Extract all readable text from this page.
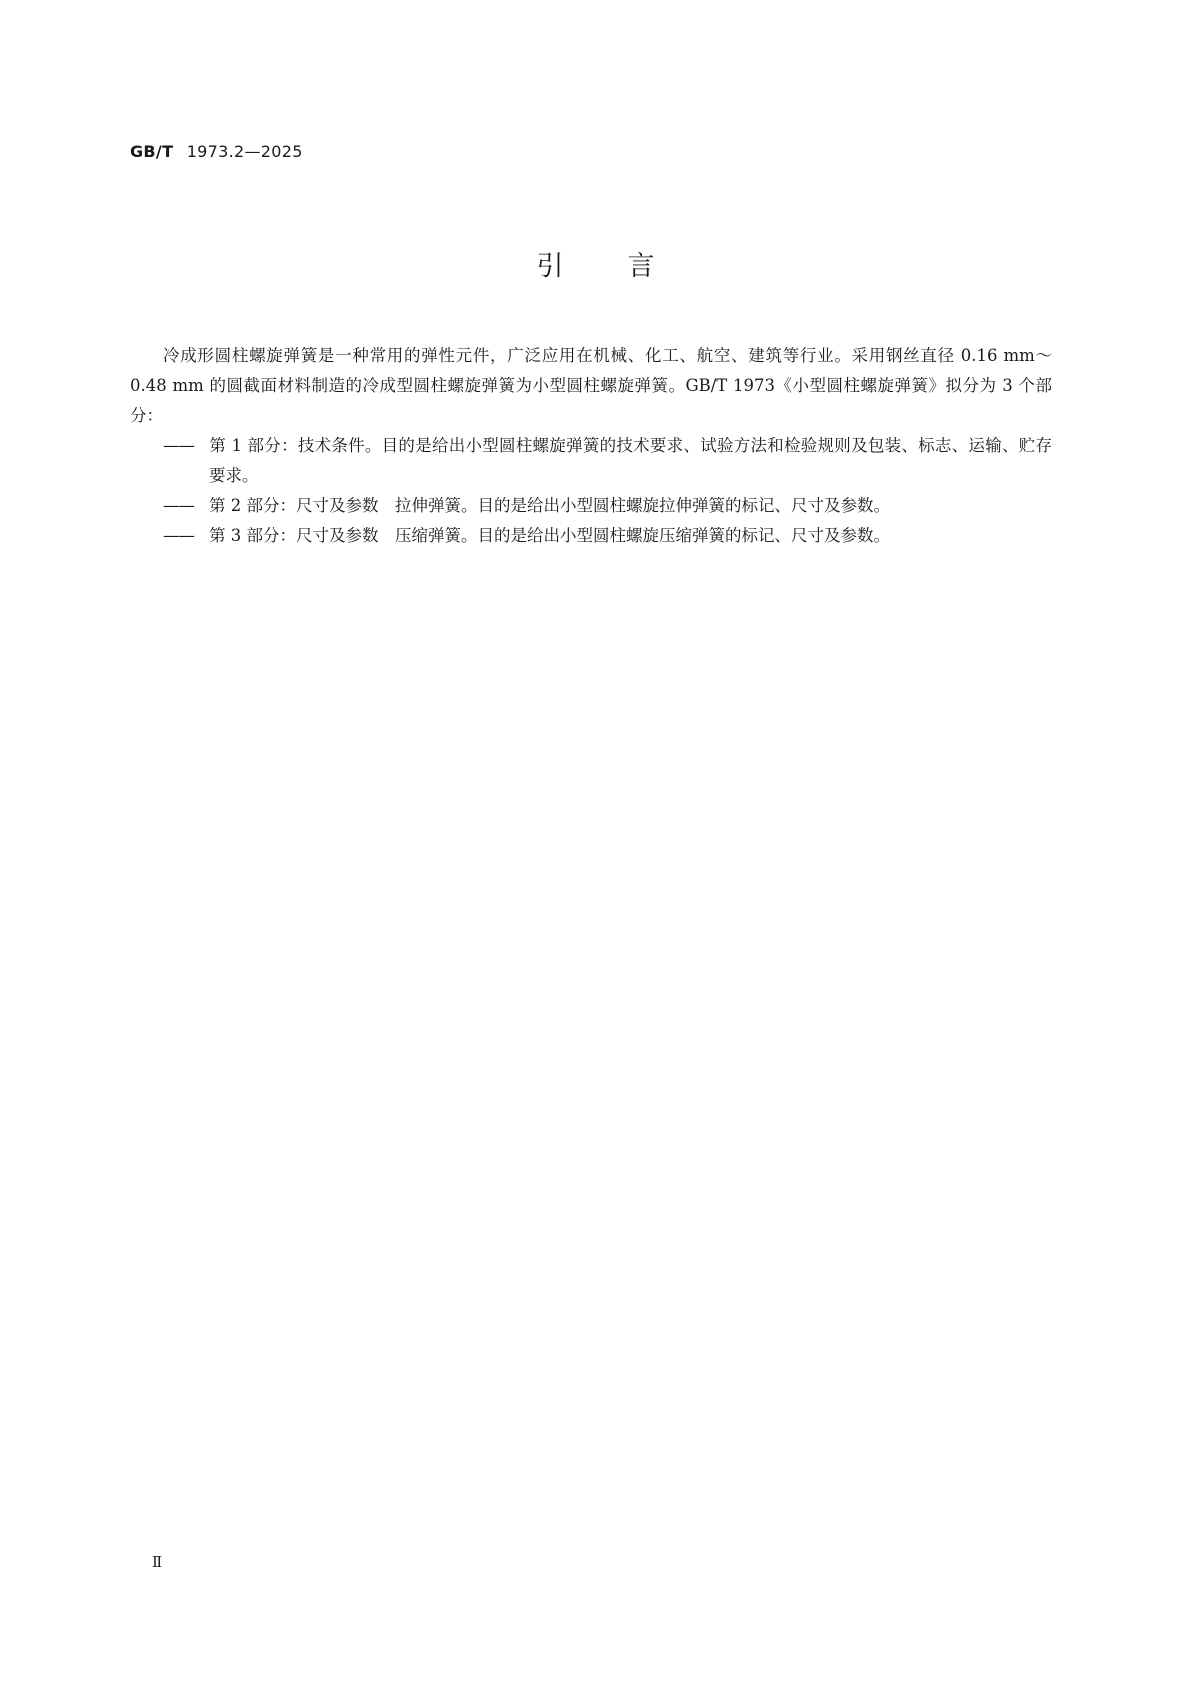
GB/T 1973.2—2025
引言

冷成形圆柱螺旋弹簧是一种常用的弹性元件，广泛应用在机械、化工、航空、建筑等行业。采用钢丝直径 0.16 mm～0.48 mm 的圆截面材料制造的冷成型圆柱螺旋弹簧为小型圆柱螺旋弹簧。GB/T 1973《小型圆柱螺旋弹簧》拟分为 3 个部分：

—— 第 1 部分：技术条件。目的是给出小型圆柱螺旋弹簧的技术要求、试验方法和检验规则及包装、标志、运输、贮存要求。
—— 第 2 部分：尺寸及参数　拉伸弹簧。目的是给出小型圆柱螺旋拉伸弹簧的标记、尺寸及参数。
—— 第 3 部分：尺寸及参数　压缩弹簧。目的是给出小型圆柱螺旋压缩弹簧的标记、尺寸及参数。
Ⅱ
